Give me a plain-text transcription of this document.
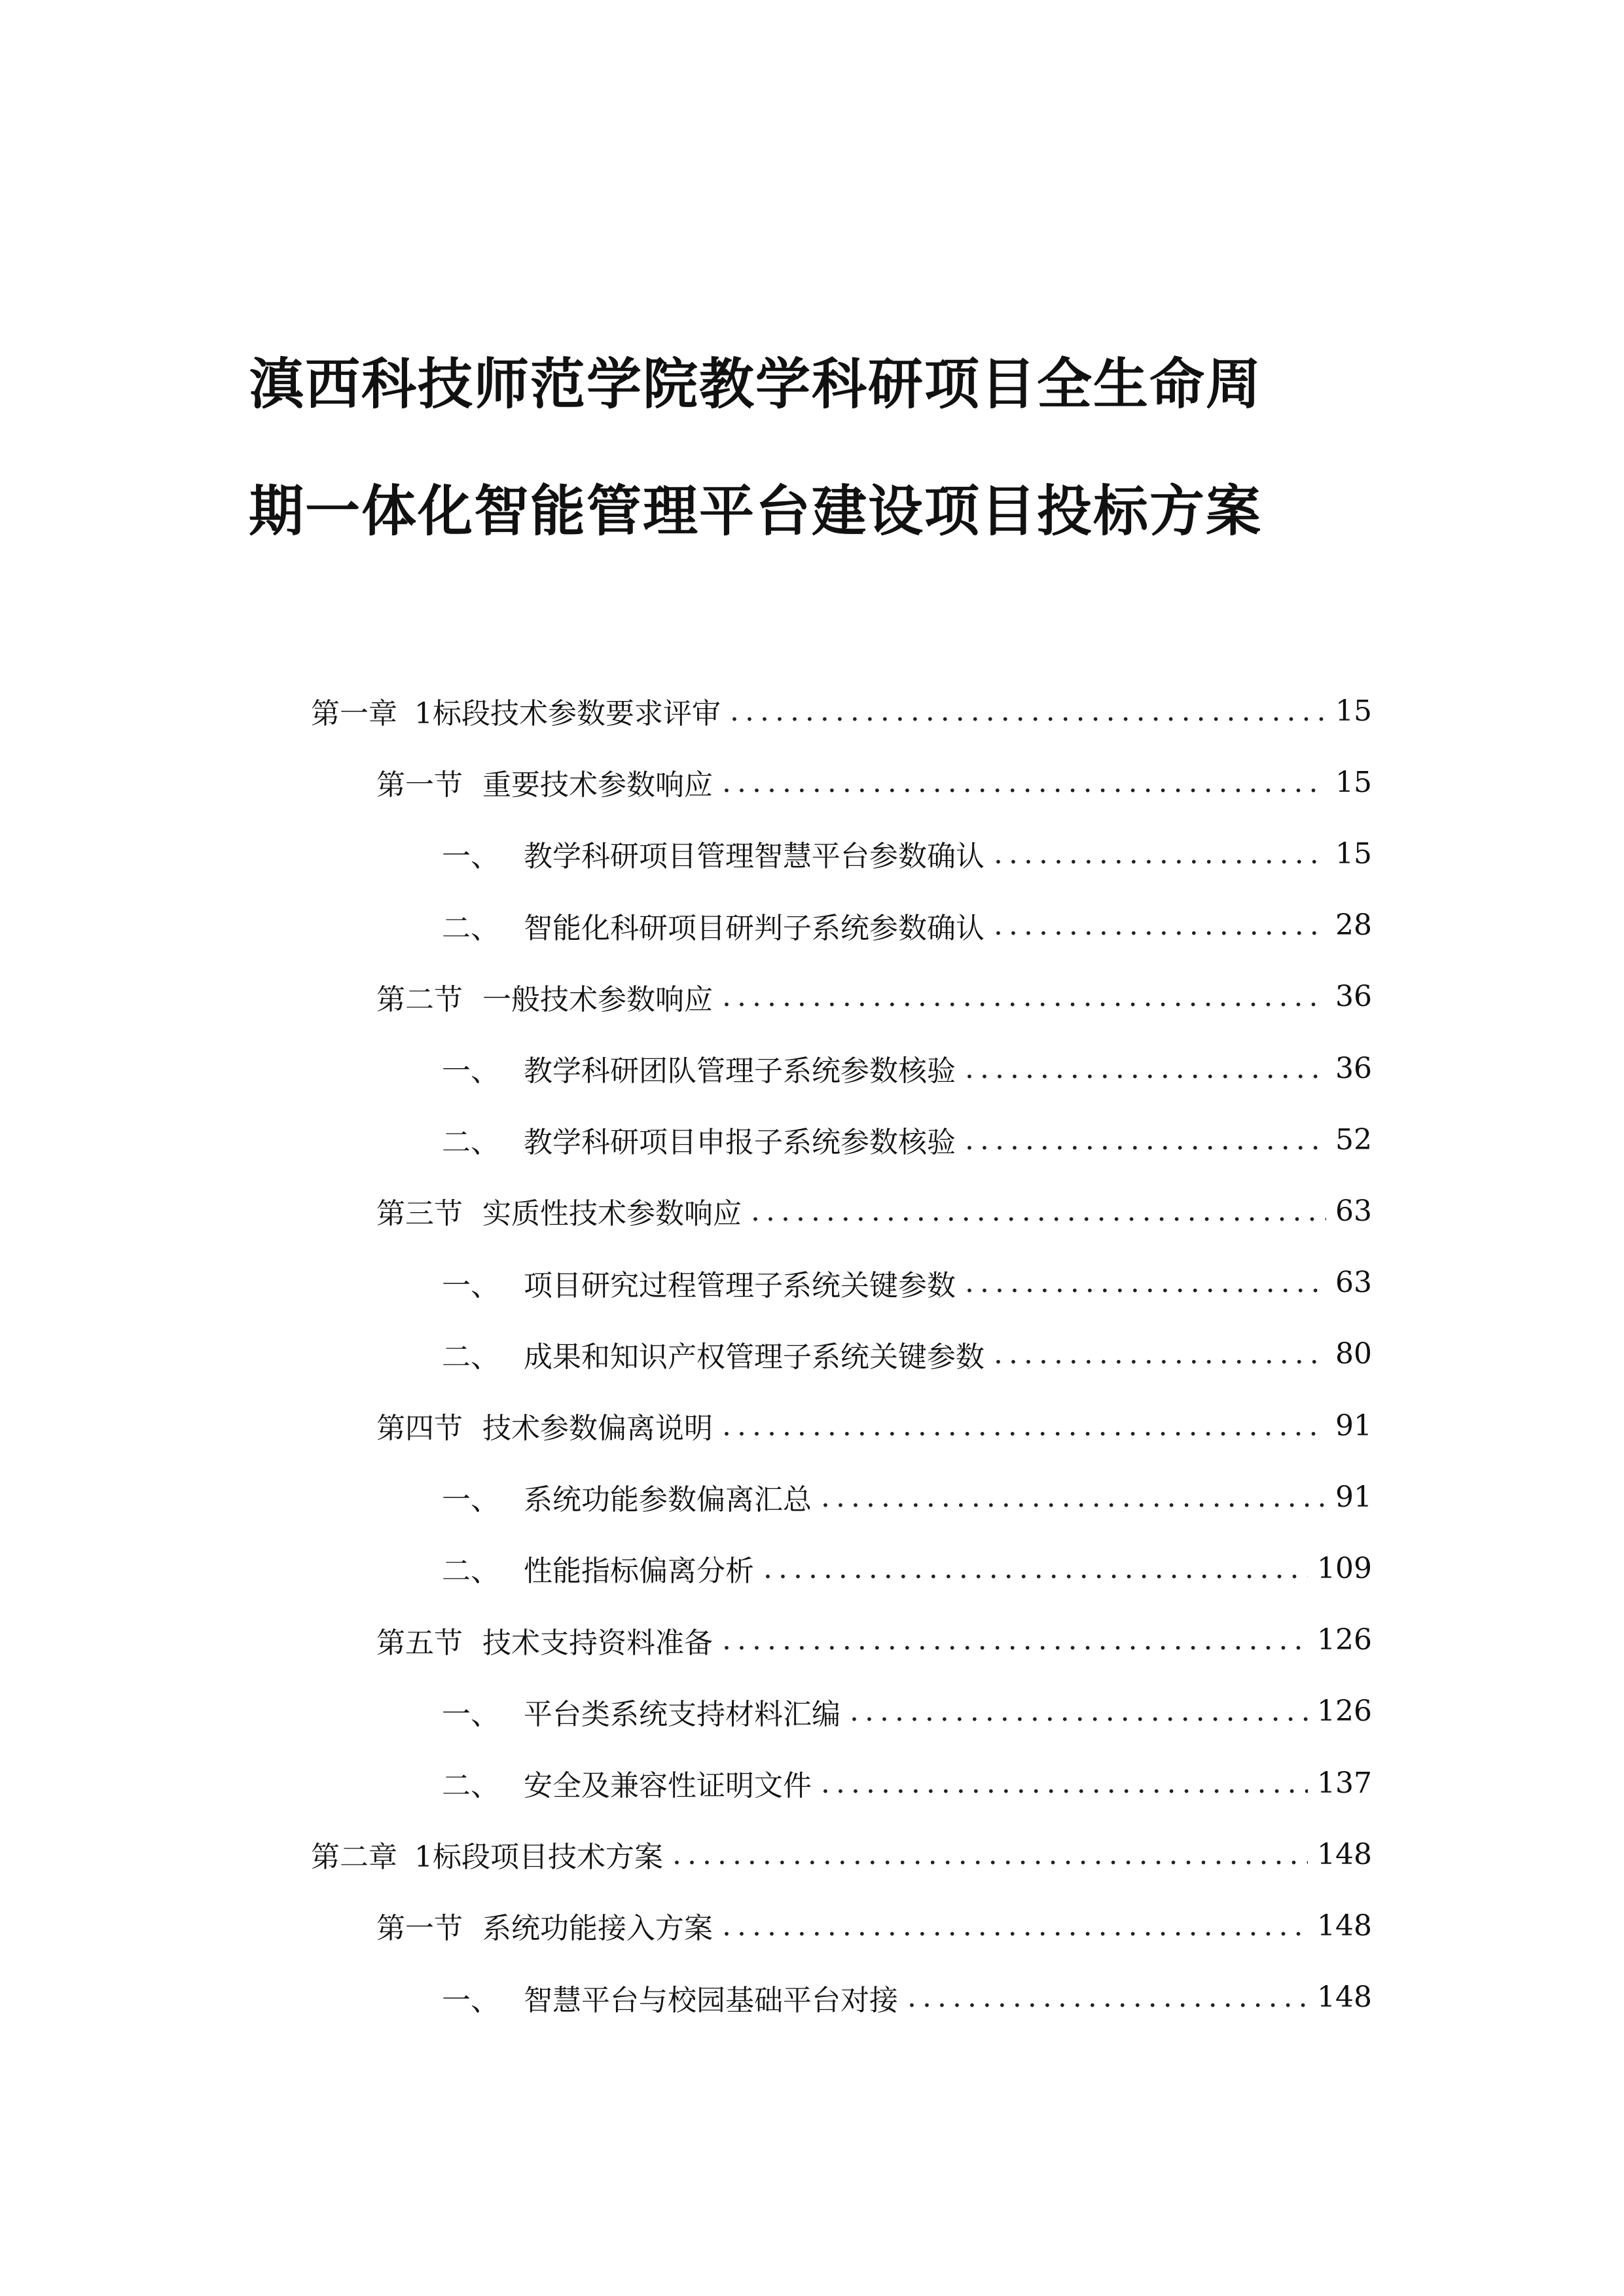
滇西科技师范学院教学科研项目全生命周
期一体化智能管理平台建设项目投标方案
第一章 1标段技术参数要求评审 .....	15
第一节 重要技术参数响应 .....	15
一、 教学科研项目管理智慧平台参数确认 .....	15
二、 智能化科研项目研判子系统参数确认 .....	28
第二节 一般技术参数响应 .....	36
一、 教学科研团队管理子系统参数核验 .....	36
二、 教学科研项目申报子系统参数核验 .....	52
第三节 实质性技术参数响应 .....	63
一、 项目研究过程管理子系统关键参数 .....	63
二、 成果和知识产权管理子系统关键参数 .....	80
第四节 技术参数偏离说明 .....	91
一、 系统功能参数偏离汇总 .....	91
二、 性能指标偏离分析 .....	109
第五节 技术支持资料准备 .....	126
一、 平台类系统支持材料汇编 .....	126
二、 安全及兼容性证明文件 .....	137
第二章 1标段项目技术方案 .....	148
第一节 系统功能接入方案 .....	148
一、 智慧平台与校园基础平台对接 .....	148
